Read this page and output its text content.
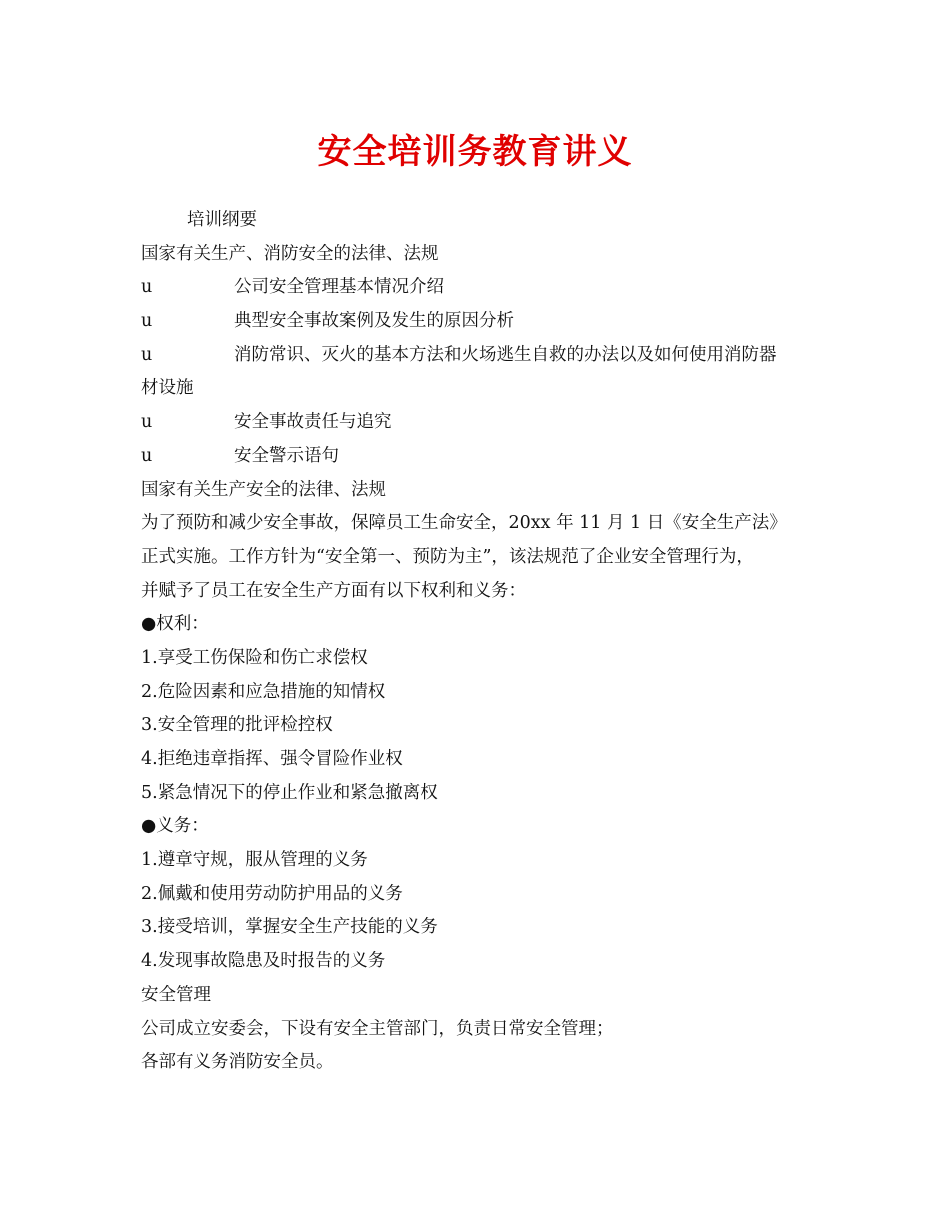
安全培训务教育讲义
培训纲要
国家有关生产、消防安全的法律、法规
u	公司安全管理基本情况介绍
u	典型安全事故案例及发生的原因分析
u	消防常识、灭火的基本方法和火场逃生自救的办法以及如何使用消防器
材设施
u	安全事故责任与追究
u	安全警示语句
国家有关生产安全的法律、法规
为了预防和减少安全事故，保障员工生命安全，20xx 年 11 月 1 日《安全生产法》
正式实施。工作方针为“安全第一、预防为主”，该法规范了企业安全管理行为，
并赋予了员工在安全生产方面有以下权利和义务：
●权利：
1.享受工伤保险和伤亡求偿权
2.危险因素和应急措施的知情权
3.安全管理的批评检控权
4.拒绝违章指挥、强令冒险作业权
5.紧急情况下的停止作业和紧急撤离权
●义务：
1.遵章守规，服从管理的义务
2.佩戴和使用劳动防护用品的义务
3.接受培训，掌握安全生产技能的义务
4.发现事故隐患及时报告的义务
安全管理
公司成立安委会，下设有安全主管部门，负责日常安全管理；
各部有义务消防安全员。
